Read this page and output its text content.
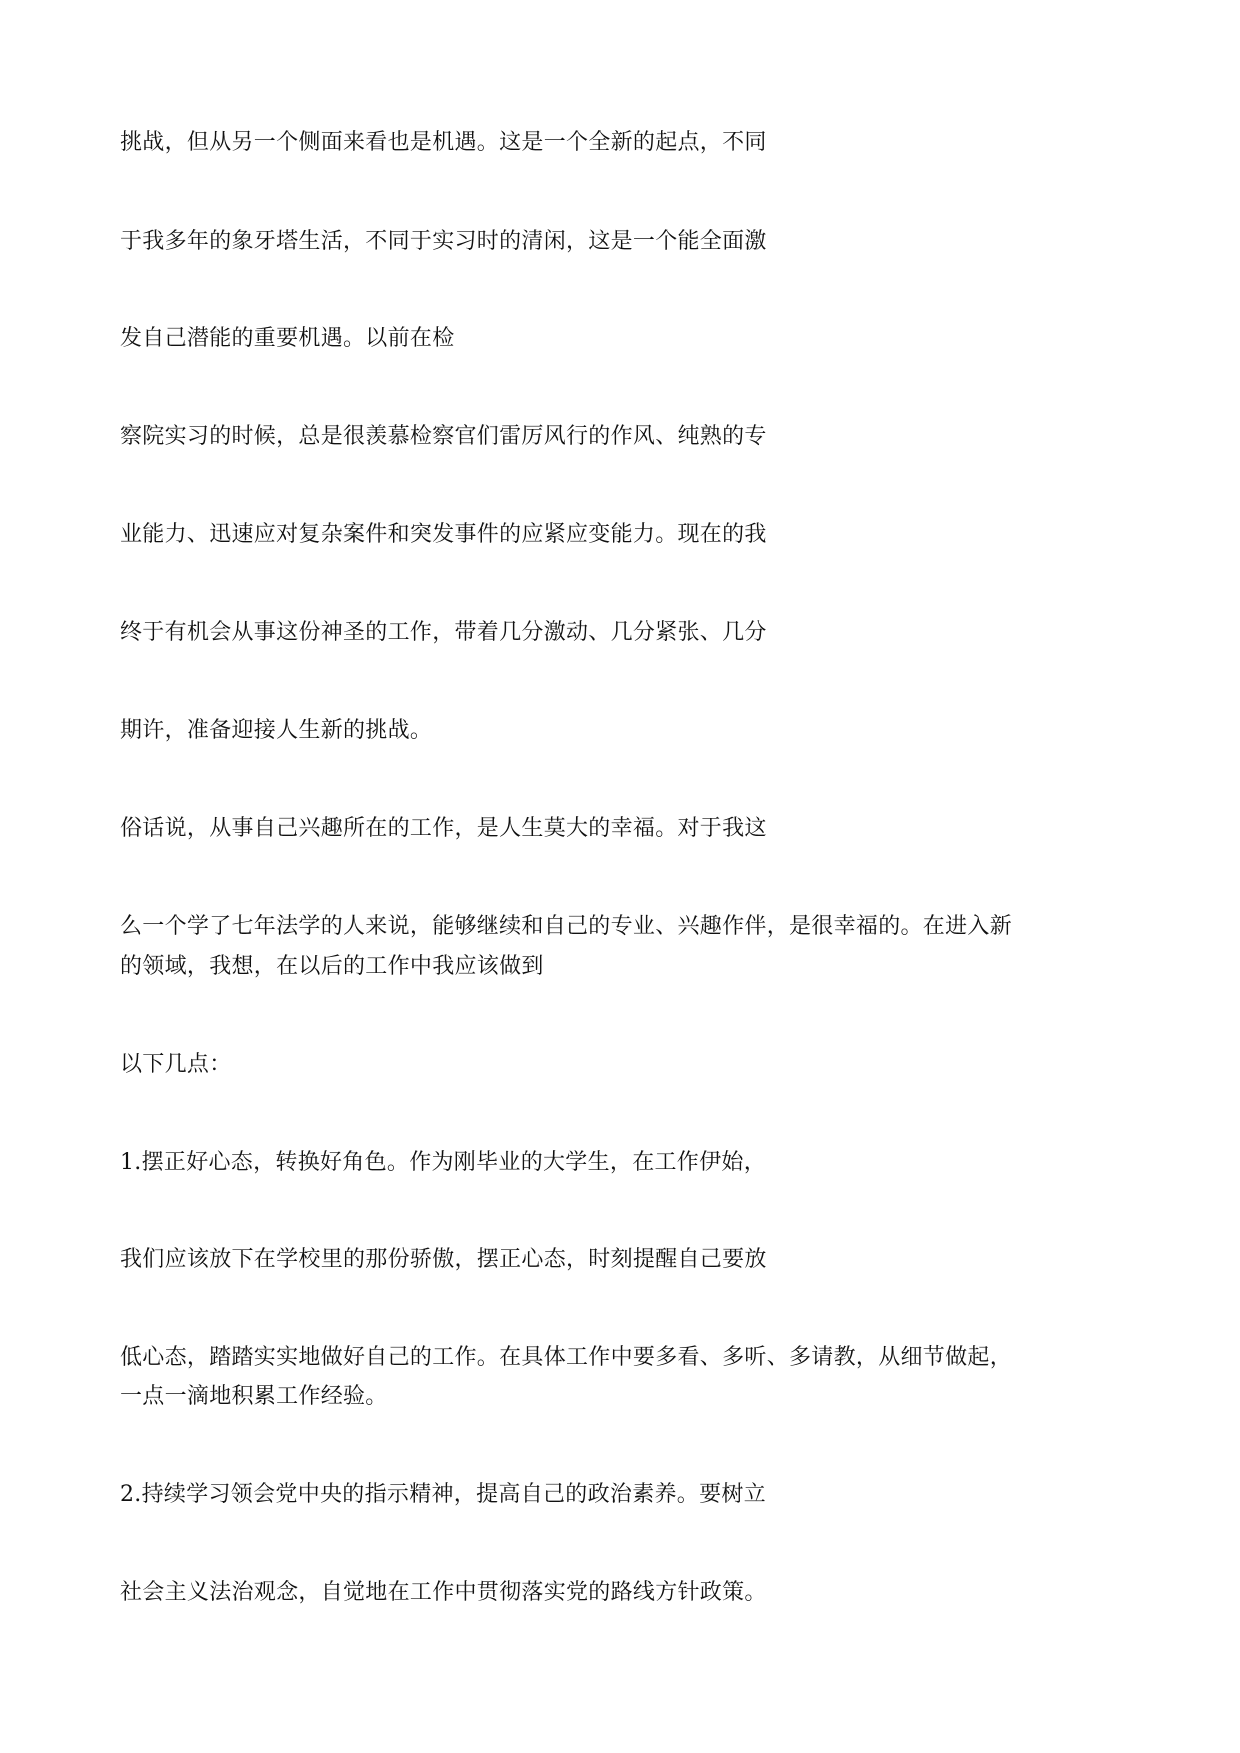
挑战，但从另一个侧面来看也是机遇。这是一个全新的起点，不同

于我多年的象牙塔生活，不同于实习时的清闲，这是一个能全面激

发自己潜能的重要机遇。以前在检

察院实习的时候，总是很羡慕检察官们雷厉风行的作风、纯熟的专

业能力、迅速应对复杂案件和突发事件的应紧应变能力。现在的我

终于有机会从事这份神圣的工作，带着几分激动、几分紧张、几分

期许，准备迎接人生新的挑战。

俗话说，从事自己兴趣所在的工作，是人生莫大的幸福。对于我这

么一个学了七年法学的人来说，能够继续和自己的专业、兴趣作伴，是很幸福的。在进入新

的领域，我想，在以后的工作中我应该做到

以下几点：

1.摆正好心态，转换好角色。作为刚毕业的大学生，在工作伊始，

我们应该放下在学校里的那份骄傲，摆正心态，时刻提醒自己要放

低心态，踏踏实实地做好自己的工作。在具体工作中要多看、多听、多请教，从细节做起，

一点一滴地积累工作经验。

2.持续学习领会党中央的指示精神，提高自己的政治素养。要树立

社会主义法治观念，自觉地在工作中贯彻落实党的路线方针政策。
